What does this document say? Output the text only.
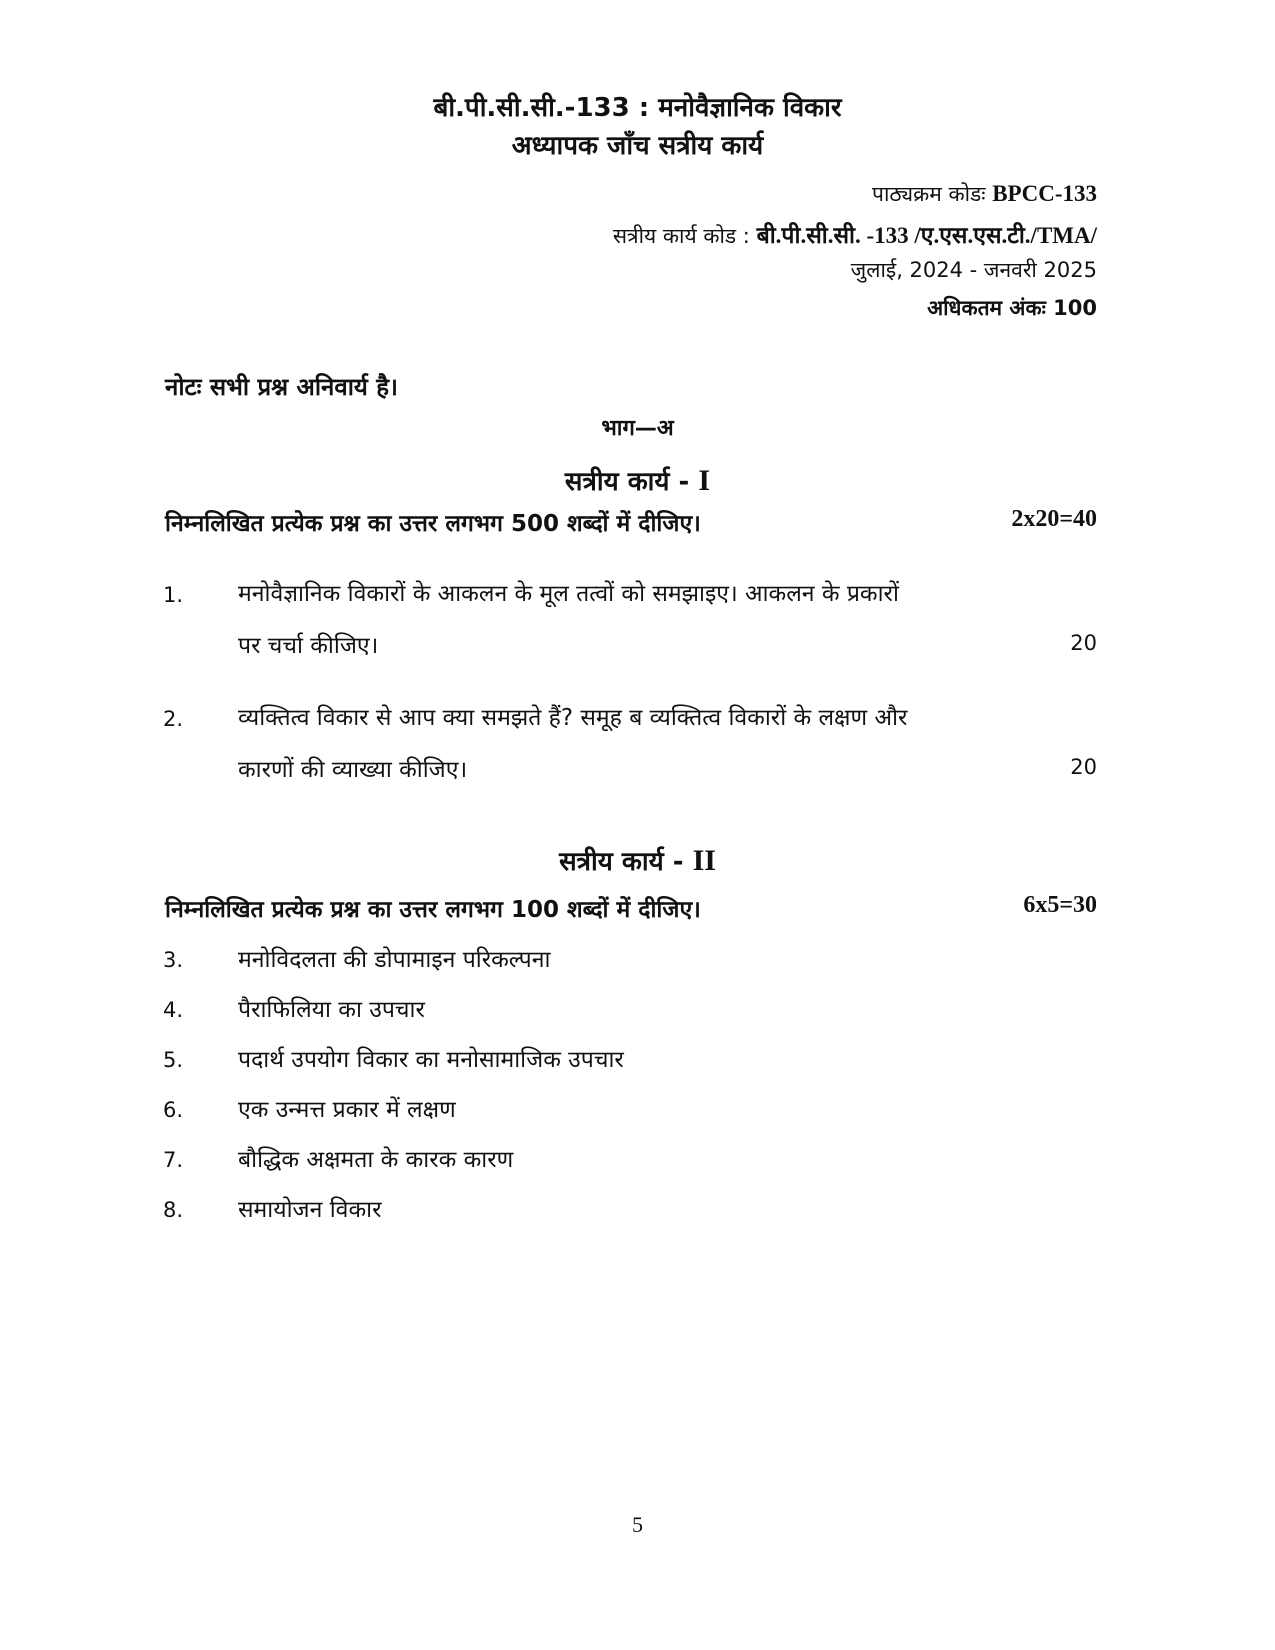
बी.पी.सी.सी.-133 : मनोवैज्ञानिक विकार
अध्यापक जाँच सत्रीय कार्य
पाठ्यक्रम कोडः BPCC-133
सत्रीय कार्य कोड : बी.पी.सी.सी. -133 /ए.एस.एस.टी./TMA/
जुलाई, 2024 - जनवरी 2025
अधिकतम अंकः 100
नोटः सभी प्रश्न अनिवार्य है।
भाग—अ
सत्रीय कार्य - I
निम्नलिखित प्रत्येक प्रश्न का उत्तर लगभग 500 शब्दों में दीजिए।	2x20=40
1. मनोवैज्ञानिक विकारों के आकलन के मूल तत्वों को समझाइए। आकलन के प्रकारों
पर चर्चा कीजिए।	20
2. व्यक्तित्व विकार से आप क्या समझते हैं? समूह ब व्यक्तित्व विकारों के लक्षण और
कारणों की व्याख्या कीजिए।	20
सत्रीय कार्य - II
निम्नलिखित प्रत्येक प्रश्न का उत्तर लगभग 100 शब्दों में दीजिए।	6x5=30
3. मनोविदलता की डोपामाइन परिकल्पना
4. पैराफिलिया का उपचार
5. पदार्थ उपयोग विकार का मनोसामाजिक उपचार
6. एक उन्मत्त प्रकार में लक्षण
7. बौद्धिक अक्षमता के कारक कारण
8. समायोजन विकार
5
